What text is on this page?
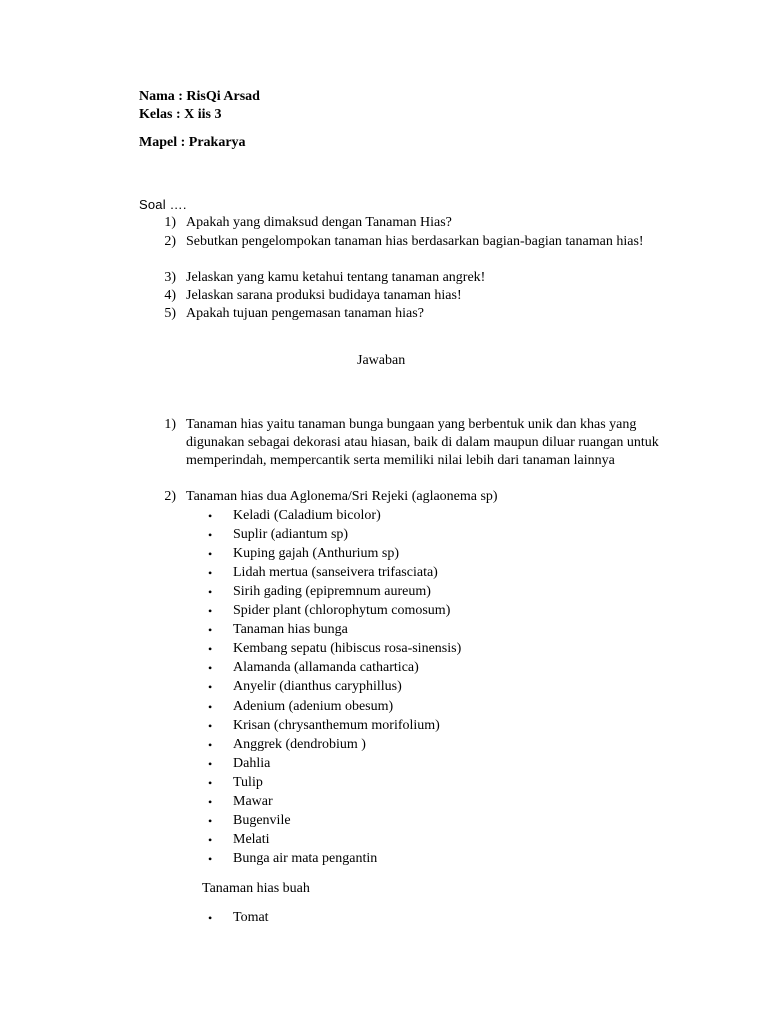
Nama : RisQi Arsad
Kelas : X iis 3
Mapel : Prakarya
Soal ….
1) Apakah yang dimaksud dengan Tanaman Hias?
2) Sebutkan pengelompokan tanaman hias berdasarkan bagian-bagian tanaman hias!
3) Jelaskan yang kamu ketahui tentang tanaman angrek!
4) Jelaskan sarana produksi budidaya tanaman hias!
5) Apakah tujuan pengemasan tanaman hias?
Jawaban
1) Tanaman hias yaitu tanaman bunga bungaan yang berbentuk unik dan khas yang digunakan sebagai dekorasi atau hiasan, baik di dalam maupun diluar ruangan untuk memperindah, mempercantik serta memiliki nilai lebih dari tanaman lainnya
2) Tanaman hias dua Aglonema/Sri Rejeki (aglaonema sp)
• Keladi (Caladium bicolor)
• Suplir (adiantum sp)
• Kuping gajah (Anthurium sp)
• Lidah mertua (sanseivera trifasciata)
• Sirih gading (epipremnum aureum)
• Spider plant (chlorophytum comosum)
• Tanaman hias bunga
• Kembang sepatu (hibiscus rosa-sinensis)
• Alamanda (allamanda cathartica)
• Anyelir (dianthus caryphillus)
• Adenium (adenium obesum)
• Krisan (chrysanthemum morifolium)
• Anggrek (dendrobium )
• Dahlia
• Tulip
• Mawar
• Bugenvile
• Melati
• Bunga air mata pengantin
Tanaman hias buah
• Tomat
